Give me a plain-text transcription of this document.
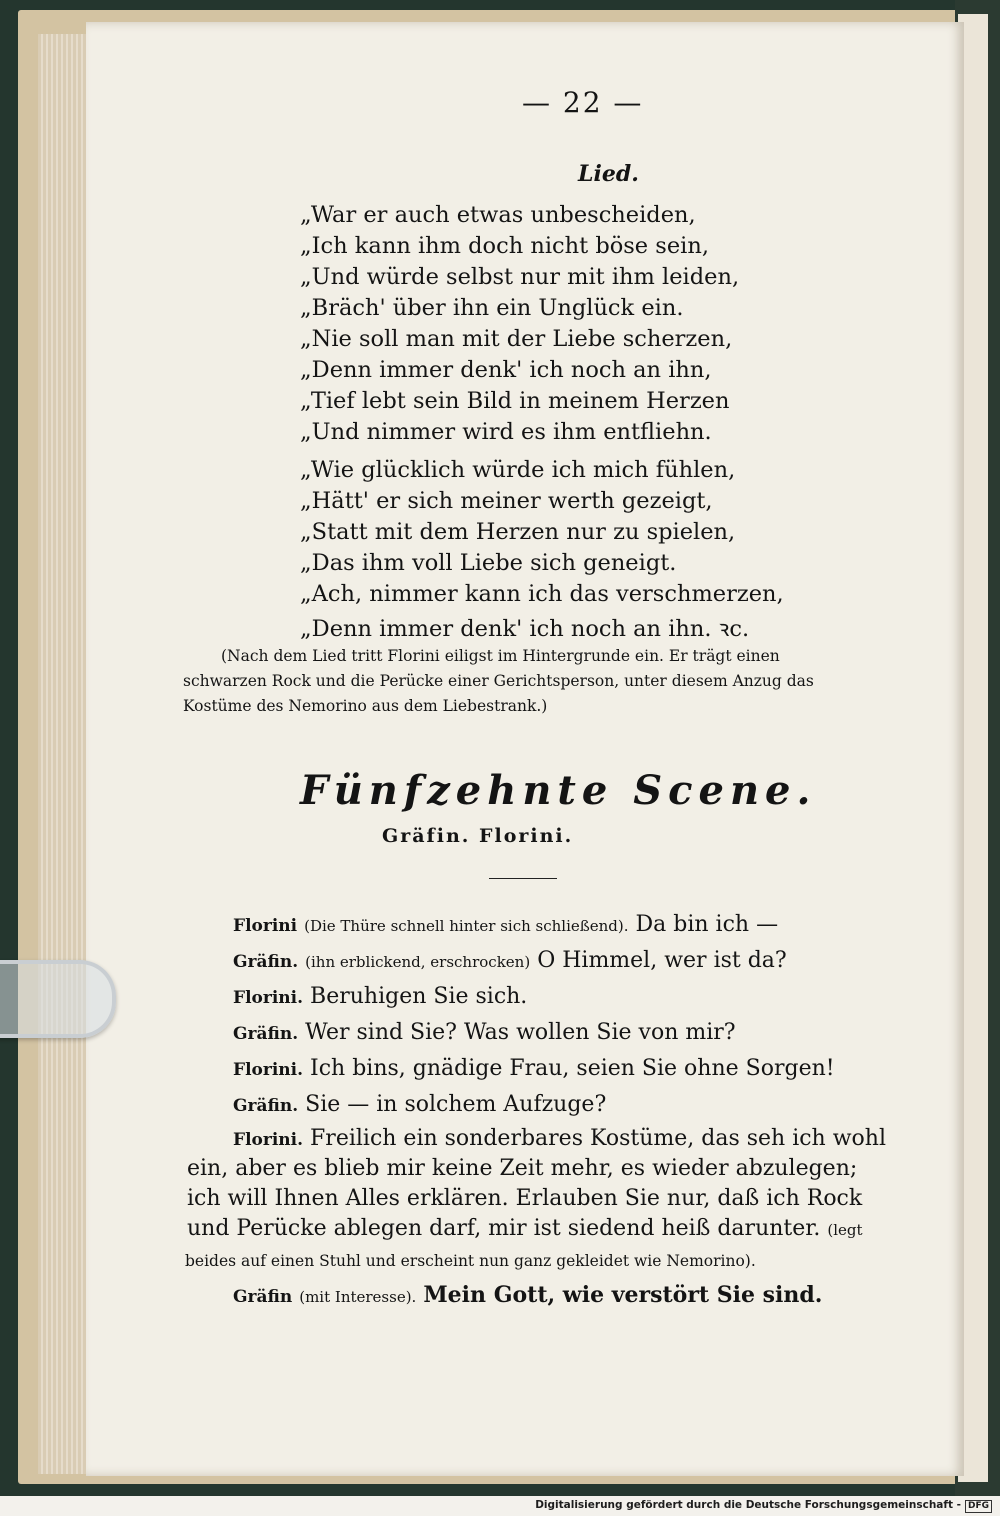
— 22 —
Lied.
„War er auch etwas unbescheiden,
„Ich kann ihm doch nicht böse sein,
„Und würde selbst nur mit ihm leiden,
„Bräch' über ihn ein Unglück ein.
„Nie soll man mit der Liebe scherzen,
„Denn immer denk' ich noch an ihn,
„Tief lebt sein Bild in meinem Herzen
„Und nimmer wird es ihm entfliehn.
„Wie glücklich würde ich mich fühlen,
„Hätt' er sich meiner werth gezeigt,
„Statt mit dem Herzen nur zu spielen,
„Das ihm voll Liebe sich geneigt.
„Ach, nimmer kann ich das verschmerzen,
„Denn immer denk' ich noch an ihn. ꝛc.
(Nach dem Lied tritt Florini eiligst im Hintergrunde ein. Er trägt einen
schwarzen Rock und die Perücke einer Gerichtsperson, unter diesem Anzug das
Kostüme des Nemorino aus dem Liebestrank.)
Fünfzehnte Scene.
Gräfin. Florini.
Florini (Die Thüre schnell hinter sich schließend). Da bin ich —
Gräfin. (ihn erblickend, erschrocken) O Himmel, wer ist da?
Florini. Beruhigen Sie sich.
Gräfin. Wer sind Sie? Was wollen Sie von mir?
Florini. Ich bins, gnädige Frau, seien Sie ohne Sorgen!
Gräfin. Sie — in solchem Aufzuge?
Florini. Freilich ein sonderbares Kostüme, das seh ich wohl
ein, aber es blieb mir keine Zeit mehr, es wieder abzulegen;
ich will Ihnen Alles erklären. Erlauben Sie nur, daß ich Rock
und Perücke ablegen darf, mir ist siedend heiß darunter. (legt
beides auf einen Stuhl und erscheint nun ganz gekleidet wie Nemorino).
Gräfin (mit Interesse). Mein Gott, wie verstört Sie sind.
Digitalisierung gefördert durch die Deutsche Forschungsgemeinschaft - DFG
